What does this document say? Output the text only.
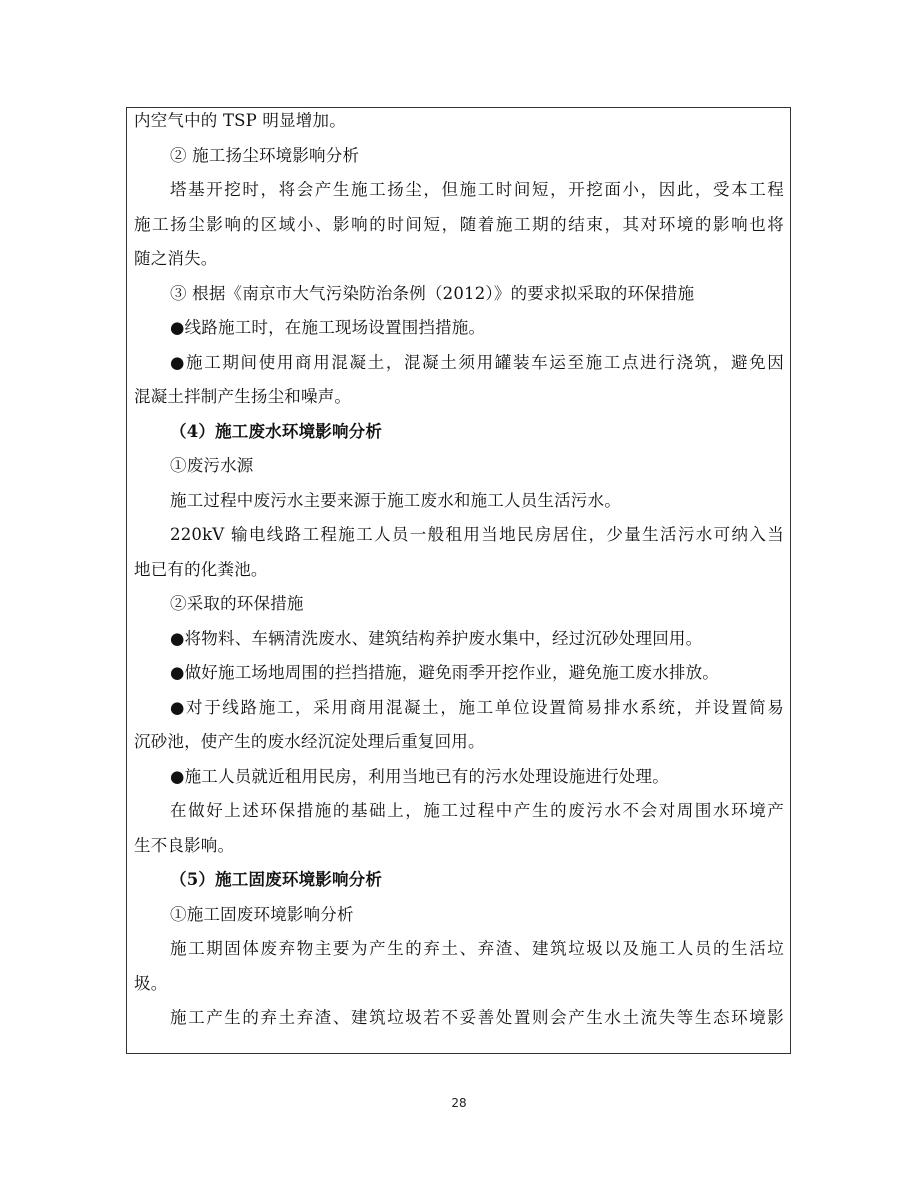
内空气中的 TSP 明显增加。
② 施工扬尘环境影响分析
塔基开挖时，将会产生施工扬尘，但施工时间短，开挖面小，因此，受本工程
施工扬尘影响的区域小、影响的时间短，随着施工期的结束，其对环境的影响也将
随之消失。
③ 根据《南京市大气污染防治条例（2012）》的要求拟采取的环保措施
●线路施工时，在施工现场设置围挡措施。
●施工期间使用商用混凝土，混凝土须用罐装车运至施工点进行浇筑，避免因
混凝土拌制产生扬尘和噪声。
（4）施工废水环境影响分析
①废污水源
施工过程中废污水主要来源于施工废水和施工人员生活污水。
220kV 输电线路工程施工人员一般租用当地民房居住，少量生活污水可纳入当
地已有的化粪池。
②采取的环保措施
●将物料、车辆清洗废水、建筑结构养护废水集中，经过沉砂处理回用。
●做好施工场地周围的拦挡措施，避免雨季开挖作业，避免施工废水排放。
●对于线路施工，采用商用混凝土，施工单位设置简易排水系统，并设置简易
沉砂池，使产生的废水经沉淀处理后重复回用。
●施工人员就近租用民房，利用当地已有的污水处理设施进行处理。
在做好上述环保措施的基础上，施工过程中产生的废污水不会对周围水环境产
生不良影响。
（5）施工固废环境影响分析
①施工固废环境影响分析
施工期固体废弃物主要为产生的弃土、弃渣、建筑垃圾以及施工人员的生活垃
圾。
施工产生的弃土弃渣、建筑垃圾若不妥善处置则会产生水土流失等生态环境影
28
